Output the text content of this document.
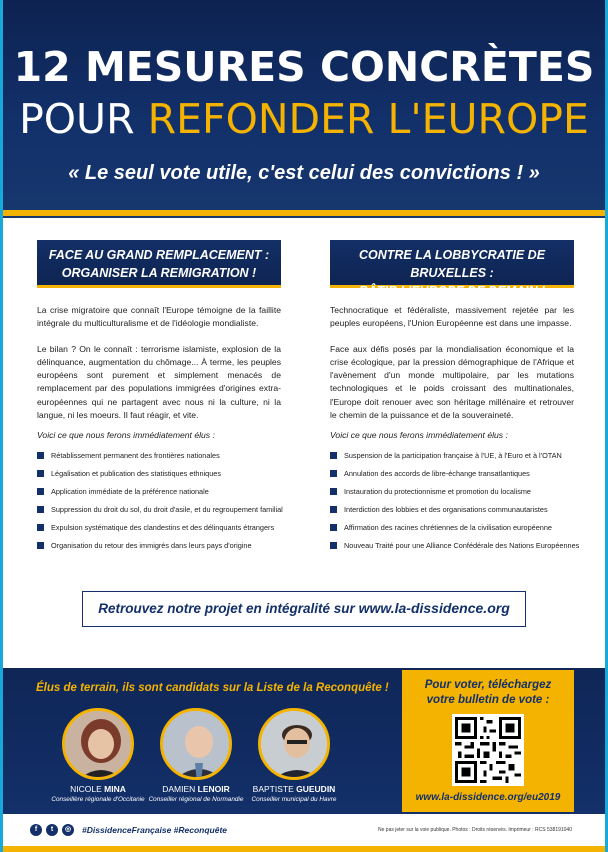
12 MESURES CONCRÈTES
POUR REFONDER L'EUROPE
« Le seul vote utile, c'est celui des convictions ! »
FACE AU GRAND REMPLACEMENT :
ORGANISER LA REMIGRATION !

La crise migratoire que connaît l'Europe témoigne de la faillite intégrale du multiculturalisme et de l'idéologie mondialiste.

Le bilan ? On le connaît : terrorisme islamiste, explosion de la délinquance, augmentation du chômage... À terme, les peuples européens sont purement et simplement menacés de remplacement par des populations immigrées d'origines extra-européennes qui ne partagent avec nous ni la culture, ni la langue, ni les moeurs. Il faut réagir, et vite.

Voici ce que nous ferons immédiatement élus :

Rétablissement permanent des frontières nationales
Légalisation et publication des statistiques ethniques
Application immédiate de la préférence nationale
Suppression du droit du sol, du droit d'asile, et du regroupement familial
Expulsion systématique des clandestins et des délinquants étrangers
Organisation du retour des immigrés dans leurs pays d'origine
CONTRE LA LOBBYCRATIE DE BRUXELLES :
BÂTIR L'EUROPE DE DEMAIN !

Technocratique et fédéraliste, massivement rejetée par les peuples européens, l'Union Européenne est dans une impasse.

Face aux défis posés par la mondialisation économique et la crise écologique, par la pression démographique de l'Afrique et l'avènement d'un monde multipolaire, par les mutations technologiques et le poids croissant des multinationales, l'Europe doit renouer avec son héritage millénaire et retrouver le chemin de la puissance et de la souveraineté.

Voici ce que nous ferons immédiatement élus :

Suspension de la participation française à l'UE, à l'Euro et à l'OTAN
Annulation des accords de libre-échange transatlantiques
Instauration du protectionnisme et promotion du localisme
Interdiction des lobbies et des organisations communautaristes
Affirmation des racines chrétiennes de la civilisation européenne
Nouveau Traité pour une Alliance Confédérale des Nations Européennes
Retrouvez notre projet en intégralité sur www.la-dissidence.org
Élus de terrain, ils sont candidats sur la Liste de la Reconquête !
NICOLE MINA
Conseillère régionale d'Occitanie
DAMIEN LENOIR
Conseiller régional de Normandie
BAPTISTE GUEUDIN
Conseiller municipal du Havre
Pour voter, téléchargez
votre bulletin de vote :
www.la-dissidence.org/eu2019
f	t	◎	#DissidenceFrançaise #Reconquête	Ne pas jeter sur la voie publique. Photos : Droits réservés. Imprimeur : RCS 538191040
